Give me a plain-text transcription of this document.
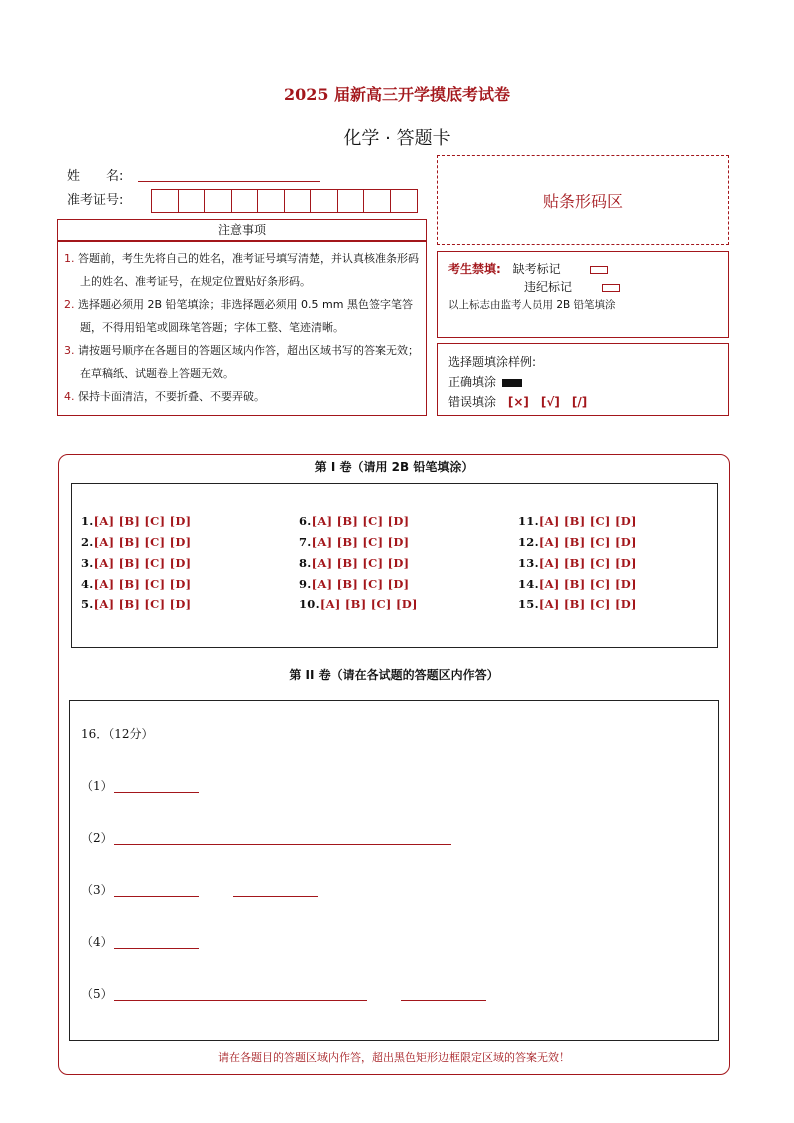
2025 届新高三开学摸底考试卷
化学 · 答题卡
姓　　名:
准考证号:	贴条形码区
注意事项
1. 答题前，考生先将自己的姓名，准考证号填写清楚，并认真核准条形码上的姓名、准考证号，在规定位置贴好条形码。
2. 选择题必须用 2B 铅笔填涂；非选择题必须用 0.5 mm 黑色签字笔答题，不得用铅笔或圆珠笔答题；字体工整、笔迹清晰。
3. 请按题号顺序在各题目的答题区域内作答，超出区域书写的答案无效；在草稿纸、试题卷上答题无效。
4. 保持卡面清洁，不要折叠、不要弄破。
考生禁填: 缺考标记
违纪标记
以上标志由监考人员用 2B 铅笔填涂
选择题填涂样例:
正确填涂
错误填涂 [×]　[√]　[/]
第 I 卷（请用 2B 铅笔填涂）
1.[A] [B] [C] [D]
2.[A] [B] [C] [D]
3.[A] [B] [C] [D]
4.[A] [B] [C] [D]
5.[A] [B] [C] [D]
6.[A] [B] [C] [D]
7.[A] [B] [C] [D]
8.[A] [B] [C] [D]
9.[A] [B] [C] [D]
10.[A] [B] [C] [D]
11.[A] [B] [C] [D]
12.[A] [B] [C] [D]
13.[A] [B] [C] [D]
14.[A] [B] [C] [D]
15.[A] [B] [C] [D]
第 II 卷（请在各试题的答题区内作答）
16．（12分）
（1）
（2）
（3）
（4）
（5）
请在各题目的答题区域内作答，超出黑色矩形边框限定区域的答案无效！
